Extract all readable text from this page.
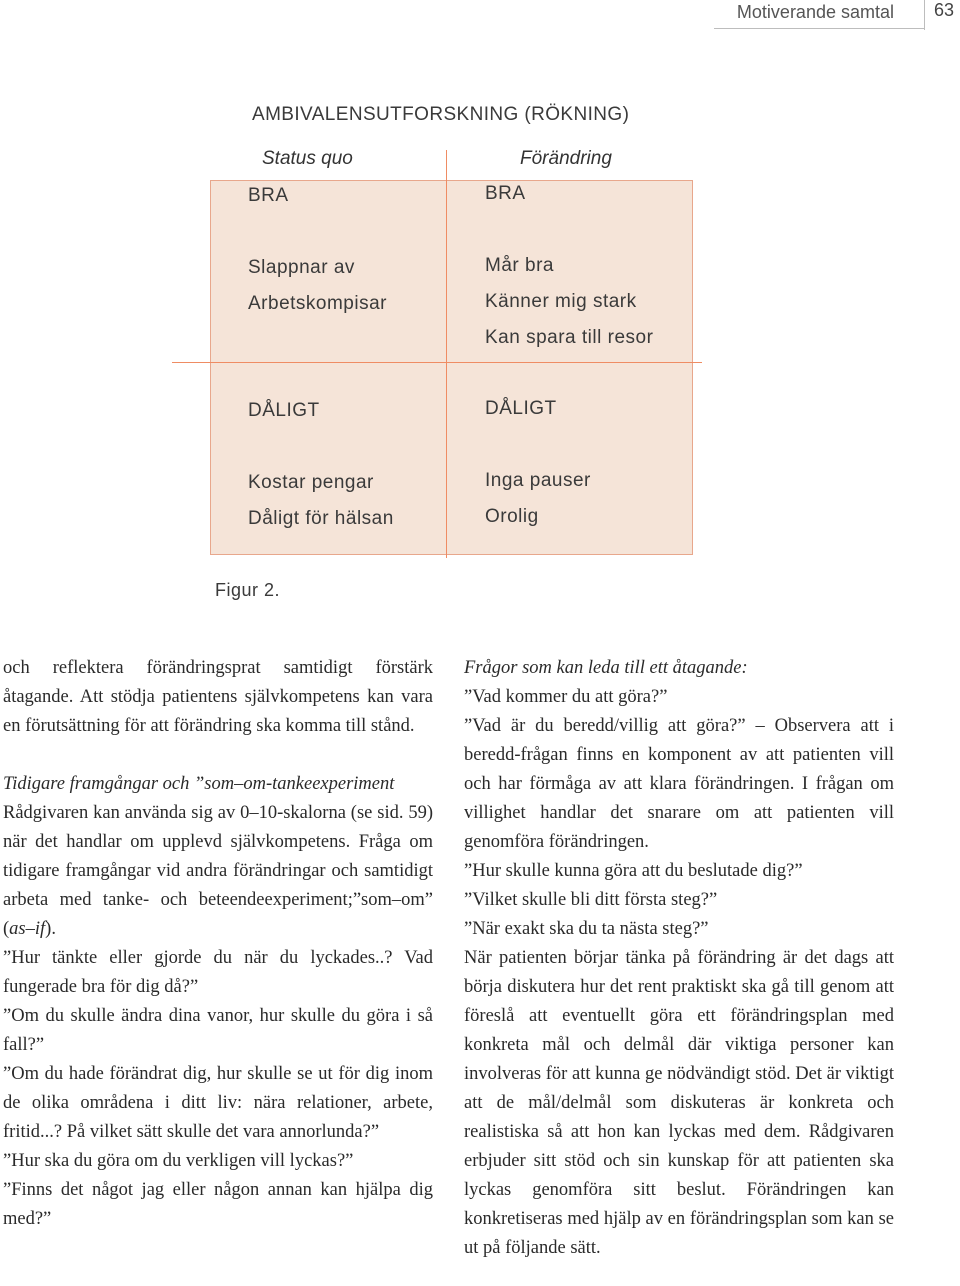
Motiverande samtal 63
AMBIVALENSUTFORSKNING (RÖKNING)
Status quo	Förändring
BRA
Slappnar av
Arbetskompisar
BRA
Mår bra
Känner mig stark
Kan spara till resor
DÅLIGT
Kostar pengar
Dåligt för hälsan
DÅLIGT
Inga pauser
Orolig
Figur 2.

och reflektera förändringsprat samtidigt förstärk åtagande. Att stödja patientens självkompetens kan vara en förutsättning för att förändring ska komma till stånd.

Tidigare framgångar och ”som–om-tankeexperiment

Rådgivaren kan använda sig av 0–10-skalorna (se sid. 59) när det handlar om upplevd självkompetens. Fråga om tidigare framgångar vid andra förändringar och samtidigt arbeta med tanke- och beteendeexperiment;”som–om” (as–if).

”Hur tänkte eller gjorde du när du lyckades..? Vad fungerade bra för dig då?”

”Om du skulle ändra dina vanor, hur skulle du göra i så fall?”

”Om du hade förändrat dig, hur skulle se ut för dig inom de olika områdena i ditt liv: nära relationer, arbete, fritid...? På vilket sätt skulle det vara annorlunda?”

”Hur ska du göra om du verkligen vill lyckas?”

”Finns det något jag eller någon annan kan hjälpa dig med?”

Frågor som kan leda till ett åtagande:

”Vad kommer du att göra?”

”Vad är du beredd/villig att göra?” – Observera att i beredd-frågan finns en komponent av att patienten vill och har förmåga av att klara förändringen. I frågan om villighet handlar det snarare om att patienten vill genomföra förändringen.

”Hur skulle kunna göra att du beslutade dig?”

”Vilket skulle bli ditt första steg?”

”När exakt ska du ta nästa steg?”

När patienten börjar tänka på förändring är det dags att börja diskutera hur det rent praktiskt ska gå till genom att föreslå att eventuellt göra ett förändringsplan med konkreta mål och delmål där viktiga personer kan involveras för att kunna ge nödvändigt stöd. Det är viktigt att de mål/delmål som diskuteras är konkreta och realistiska så att hon kan lyckas med dem. Rådgivaren erbjuder sitt stöd och sin kunskap för att patienten ska lyckas genomföra sitt beslut. Förändringen kan konkretiseras med hjälp av en förändringsplan som kan se ut på följande sätt.
